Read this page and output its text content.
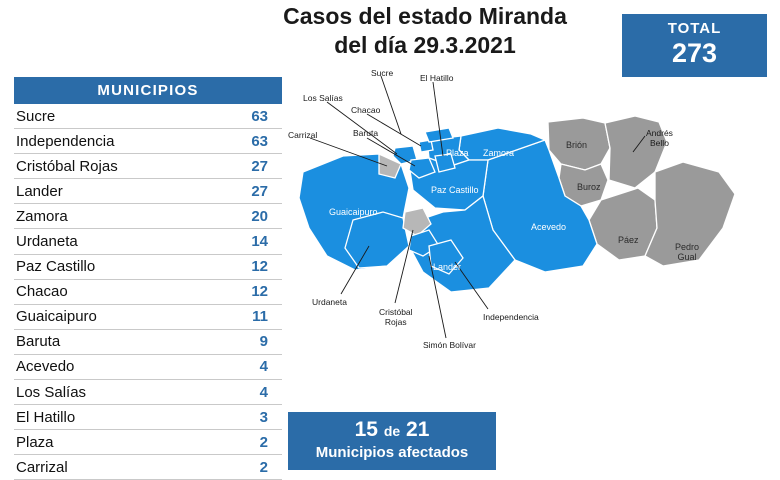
Casos del estado Miranda
del día 29.3.2021
TOTAL
273
MUNICIPIOS
Sucre	63
Independencia	63
Cristóbal Rojas	27
Lander	27
Zamora	20
Urdaneta	14
Paz Castillo	12
Chacao	12
Guaicaipuro	11
Baruta	9
Acevedo	4
Los Salías	4
El Hatillo	3
Plaza	2
Carrizal	2
Sucre	El Hatillo
Los Salías
Chacao
Carrizal	Baruta	Andrés
Bello
Urdaneta
Cristóbal
Rojas
Simón Bolívar
Independencia
Plaza Zamora
Paz Castillo
Guaicaipuro
Lander
Acevedo
Brión
Buroz
Páez
Pedro
Gual
15 de 21
Municipios afectados
